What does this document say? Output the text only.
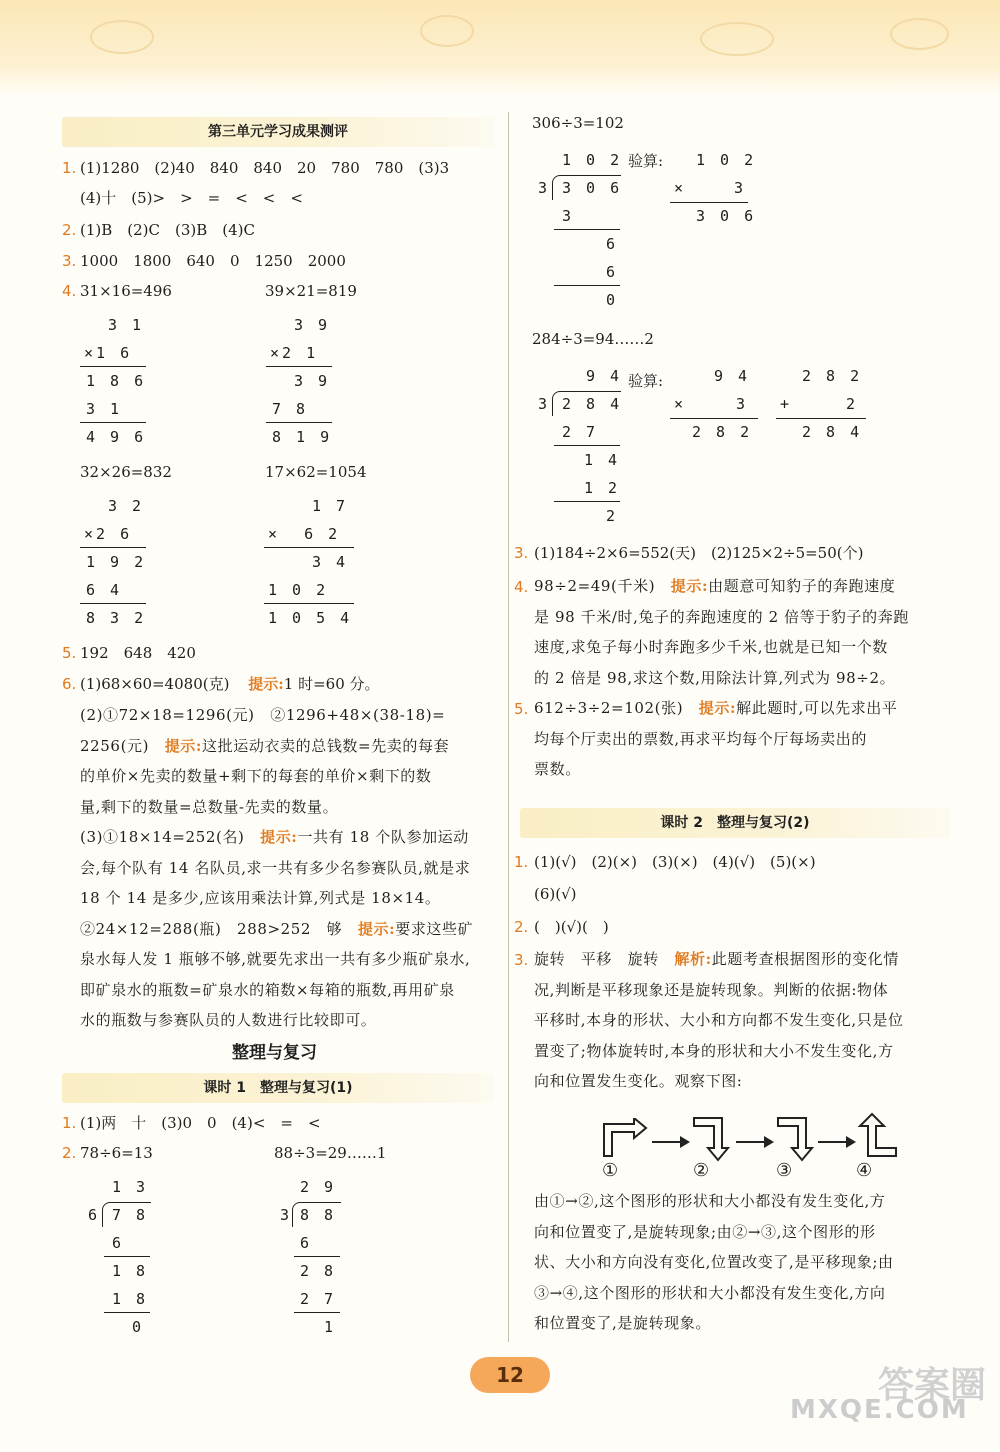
第三单元学习成果测评
1. (1)1280　(2)40　840　840　20　780　780　(3)3
(4)十　(5)>　>　=　<　<　<
2. (1)B　(2)C　(3)B　(4)C
3. 1000　1800　640　0　1250　2000
4. 31×16=496	39×21=819
3 1
×1 6
1 8 6
3 1
4 9 6
3 9
×2 1
3 9
7 8
8 1 9
32×26=832	17×62=1054
3 2
×2 6
1 9 2
6 4
8 3 2
1 7
×  6 2
3 4
1 0 2
1 0 5 4
5. 192　648　420
6. (1)68×60=4080(克) 提示:1 时=60 分。
(2)①72×18=1296(元)　②1296+48×(38-18)=
2256(元)　 提示:这批运动衣卖的总钱数=先卖的每套
的单价×先卖的数量+剩下的每套的单价×剩下的数
量,剩下的数量=总数量-先卖的数量。
(3)①18×14=252(名)　 提示:一共有 18 个队参加运动
会,每个队有 14 名队员,求一共有多少名参赛队员,就是求
18 个 14 是多少,应该用乘法计算,列式是 18×14。
②24×12=288(瓶)　288>252　够　 提示:要求这些矿
泉水每人发 1 瓶够不够,就要先求出一共有多少瓶矿泉水,
即矿泉水的瓶数=矿泉水的箱数×每箱的瓶数,再用矿泉
水的瓶数与参赛队员的人数进行比较即可。
整理与复习
课时 1　整理与复习(1)
1. (1)两　十　(3)0　0　(4)<　=　<
2. 78÷6=13	88÷3=29……1
1 3
6 7 8
6
1 8
1 8
0
2 9
3 8 8
6
2 8
2 7
1
306÷3=102
1 0 2
3 3 0 6
3
6
6
0
验算: 1 0 2
×	3
3 0 6
284÷3=94……2
9 4
3 2 8 4
2 7
1 4
1 2
2
验算:	9 4
×	3
2 8 2
2 8 2
+	2
2 8 4
3. (1)184÷2×6=552(天)　(2)125×2÷5=50(个)
98÷2=49(千米)　 提示:由题意可知豹子的奔跑速度
是 98 千米/时,兔子的奔跑速度的 2 倍等于豹子的奔跑
速度,求兔子每小时奔跑多少千米,也就是已知一个数
的 2 倍是 98,求这个数,用除法计算,列式为 98÷2。
612÷3÷2=102(张)　 提示:解此题时,可以先求出平
均每个厅卖出的票数,再求平均每个厅每场卖出的
票数。
4.
5.
课时 2　整理与复习(2)
1. (1)(√)　(2)(×)　(3)(×)　(4)(√)　(5)(×)
(6)(√)
2. (　)(√)(　)
3. 旋转　平移　旋转　 解析:此题考查根据图形的变化情
况,判断是平移现象还是旋转现象。判断的依据:物体
平移时,本身的形状、大小和方向都不发生变化,只是位
置变了;物体旋转时,本身的形状和大小不发生变化,方
向和位置发生变化。观察下图:
①	②	③	④
由①→②,这个图形的形状和大小都没有发生变化,方
向和位置变了,是旋转现象;由②→③,这个图形的形
状、大小和方向没有变化,位置改变了,是平移现象;由
③→④,这个图形的形状和大小都没有发生变化,方向
和位置变了,是旋转现象。
12	答案圈
MXQE.COM
